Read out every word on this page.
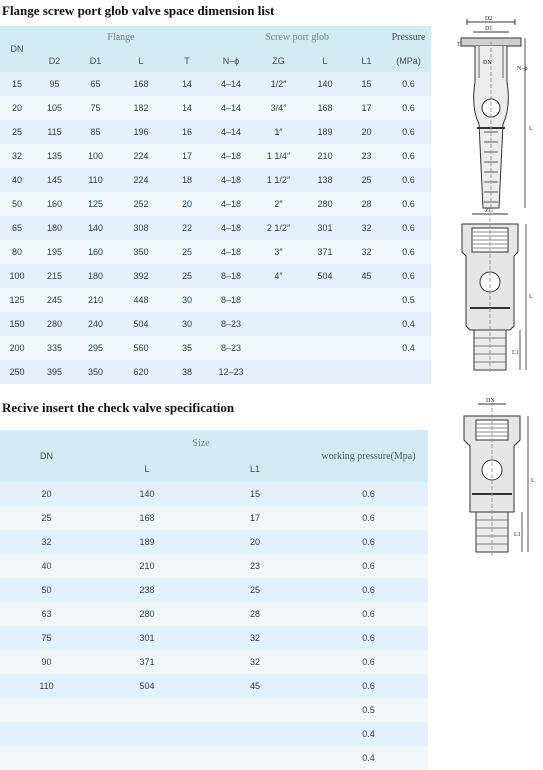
Flange screw port glob valve space dimension list
DN	Flange				Screw port glob				Pressure
	D2	D1	L	T	N–ϕ	ZG	L	L1	(MPa)
15	95	65	168	14	4–14	1/2″	140	15	0.6
20	105	75	182	14	4–14	3/4″	168	17	0.6
25	115	85	196	16	4–14	1″	189	20	0.6
32	135	100	224	17	4–18	1 1/4″	210	23	0.6
40	145	110	224	18	4–18	1 1/2″	138	25	0.6
50	160	125	252	20	4–18	2″	280	28	0.6
65	180	140	308	22	4–18	2 1/2″	301	32	0.6
80	195	160	350	25	4–18	3″	371	32	0.6
100	215	180	392	25	8–18	4″	504	45	0.6
125	245	210	448	30	8–18				0.5
150	280	240	504	30	8–23				0.4
200	335	295	560	35	8–23				0.4
250	395	350	620	38	12–23				
Recive insert the check valve specification
DN	Size		working pressure(Mpa)
	L	L1	
20	140	15	0.6
25	168	17	0.6
32	189	20	0.6
40	210	23	0.6
50	238	25	0.6
63	280	28	0.6
75	301	32	0.6
90	371	32	0.6
110	504	45	0.6
			0.5
			0.4
			0.4
D2
D1
DN
N–ϕ
T
L
ZG
L
L1
DN
L
L1
